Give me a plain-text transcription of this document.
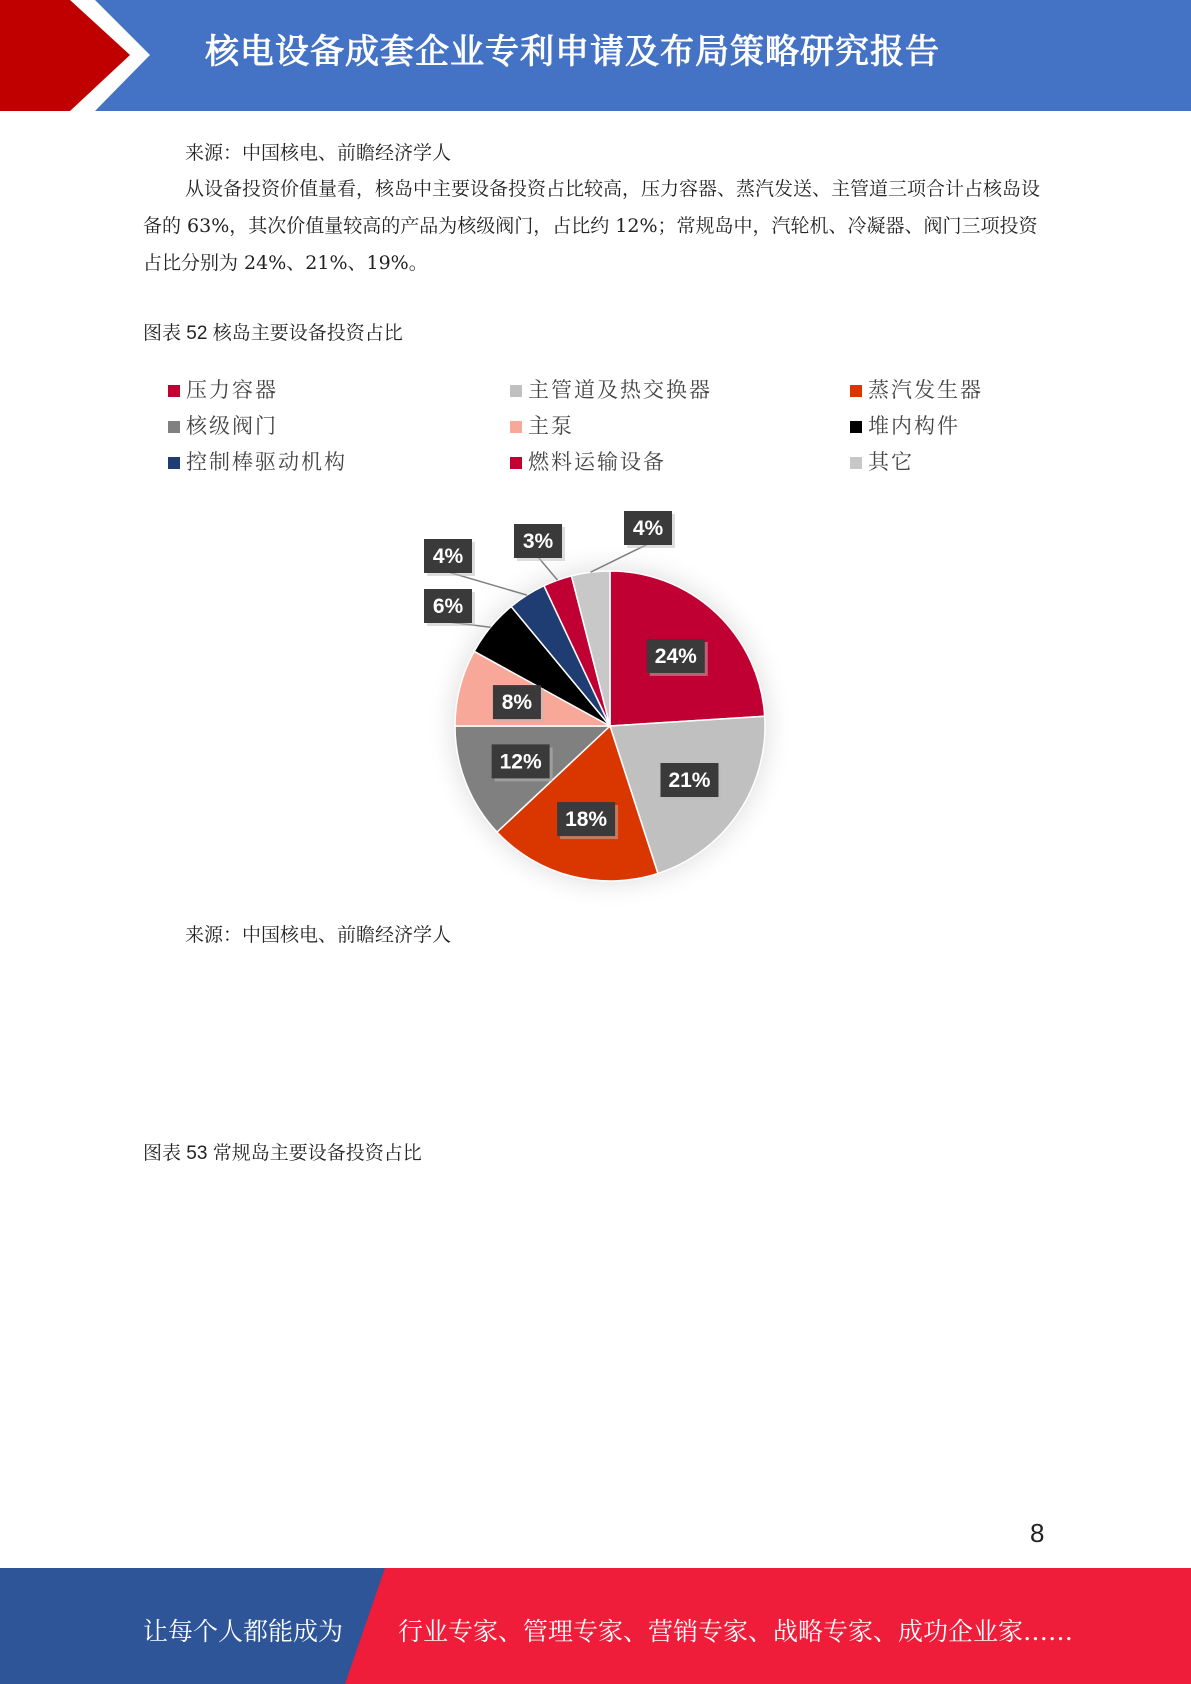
核电设备成套企业专利申请及布局策略研究报告
来源：中国核电、前瞻经济学人
从设备投资价值量看，核岛中主要设备投资占比较高，压力容器、蒸汽发送、主管道三项合计占核岛设备的 63%，其次价值量较高的产品为核级阀门，占比约 12%；常规岛中，汽轮机、冷凝器、阀门三项投资占比分别为 24%、21%、19%。
图表 52 核岛主要设备投资占比
压力容器	主管道及热交换器	蒸汽发生器
核级阀门	主泵	堆内构件
控制棒驱动机构	燃料运输设备	其它
24%
21%
18%
12%
8%
6%
4%
3%
4%
来源：中国核电、前瞻经济学人
图表 53 常规岛主要设备投资占比
8
让每个人都能成为 行业专家、管理专家、营销专家、战略专家、成功企业家……
